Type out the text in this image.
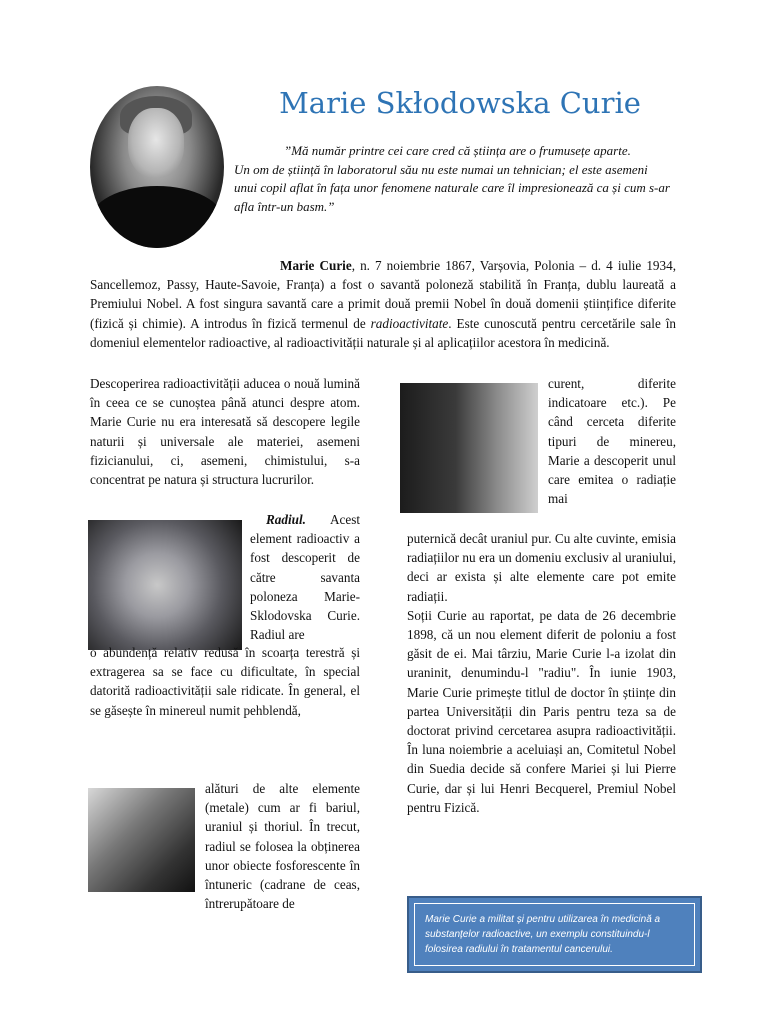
Marie Skłodowska Curie
”Mă număr printre cei care cred că știința are o frumusețe aparte.
Un om de știință în laboratorul său nu este numai un tehnician; el este asemeni unui copil aflat în fața unor fenomene naturale care îl impresionează ca și cum s-ar afla într-un basm.”

Marie Curie, n. 7 noiembrie 1867, Varșovia, Polonia – d. 4 iulie 1934, Sancellemoz, Passy, Haute-Savoie, Franța) a fost o savantă poloneză stabilită în Franța, dublu laureată a Premiului Nobel. A fost singura savantă care a primit două premii Nobel în două domenii științifice diferite (fizică și chimie). A introdus în fizică termenul de radioactivitate. Este cunoscută pentru cercetările sale în domeniul elementelor radioactive, al radioactivității naturale și al aplicațiilor acestora în medicină.

Descoperirea radioactivității aducea o nouă lumină în ceea ce se cunoștea până atunci despre atom. Marie Curie nu era interesată să descopere legile naturii și universale ale materiei, asemeni fizicianului, ci, asemeni, chimistului, s-a concentrat pe natura și structura lucrurilor.

Radiul. Acest element radioactiv a fost descoperit de către savanta poloneza Marie-Sklodovska Curie. Radiul are

o abundență relativ redusă în scoarța terestră și extragerea sa se face cu dificultate, în special datorită radioactivității sale ridicate. În general, el se găsește în minereul numit pehblendă,

alături de alte elemente (metale) cum ar fi bariul, uraniul și thoriul. În trecut, radiul se folosea la obținerea unor obiecte fosforescente în întuneric (cadrane de ceas, întrerupătoare de

curent, diferite indicatoare etc.). Pe când cerceta diferite tipuri de minereu, Marie a descoperit unul care emitea o radiație mai

puternică decât uraniul pur. Cu alte cuvinte, emisia radiațiilor nu era un domeniu exclusiv al uraniului, deci ar exista și alte elemente care pot emite radiații.

Soții Curie au raportat, pe data de 26 decembrie 1898, că un nou element diferit de poloniu a fost găsit de ei. Mai târziu, Marie Curie l-a izolat din uraninit, denumindu-l "radiu". În iunie 1903, Marie Curie primește titlul de doctor în științe din partea Universității din Paris pentru teza sa de doctorat privind cercetarea asupra radioactivității. În luna noiembrie a aceluiași an, Comitetul Nobel din Suedia decide să confere Mariei și lui Pierre Curie, dar și lui Henri Becquerel, Premiul Nobel pentru Fizică.

Marie Curie a militat și pentru utilizarea în medicină a substanțelor radioactive, un exemplu constituindu-l folosirea radiului în tratamentul cancerului.
